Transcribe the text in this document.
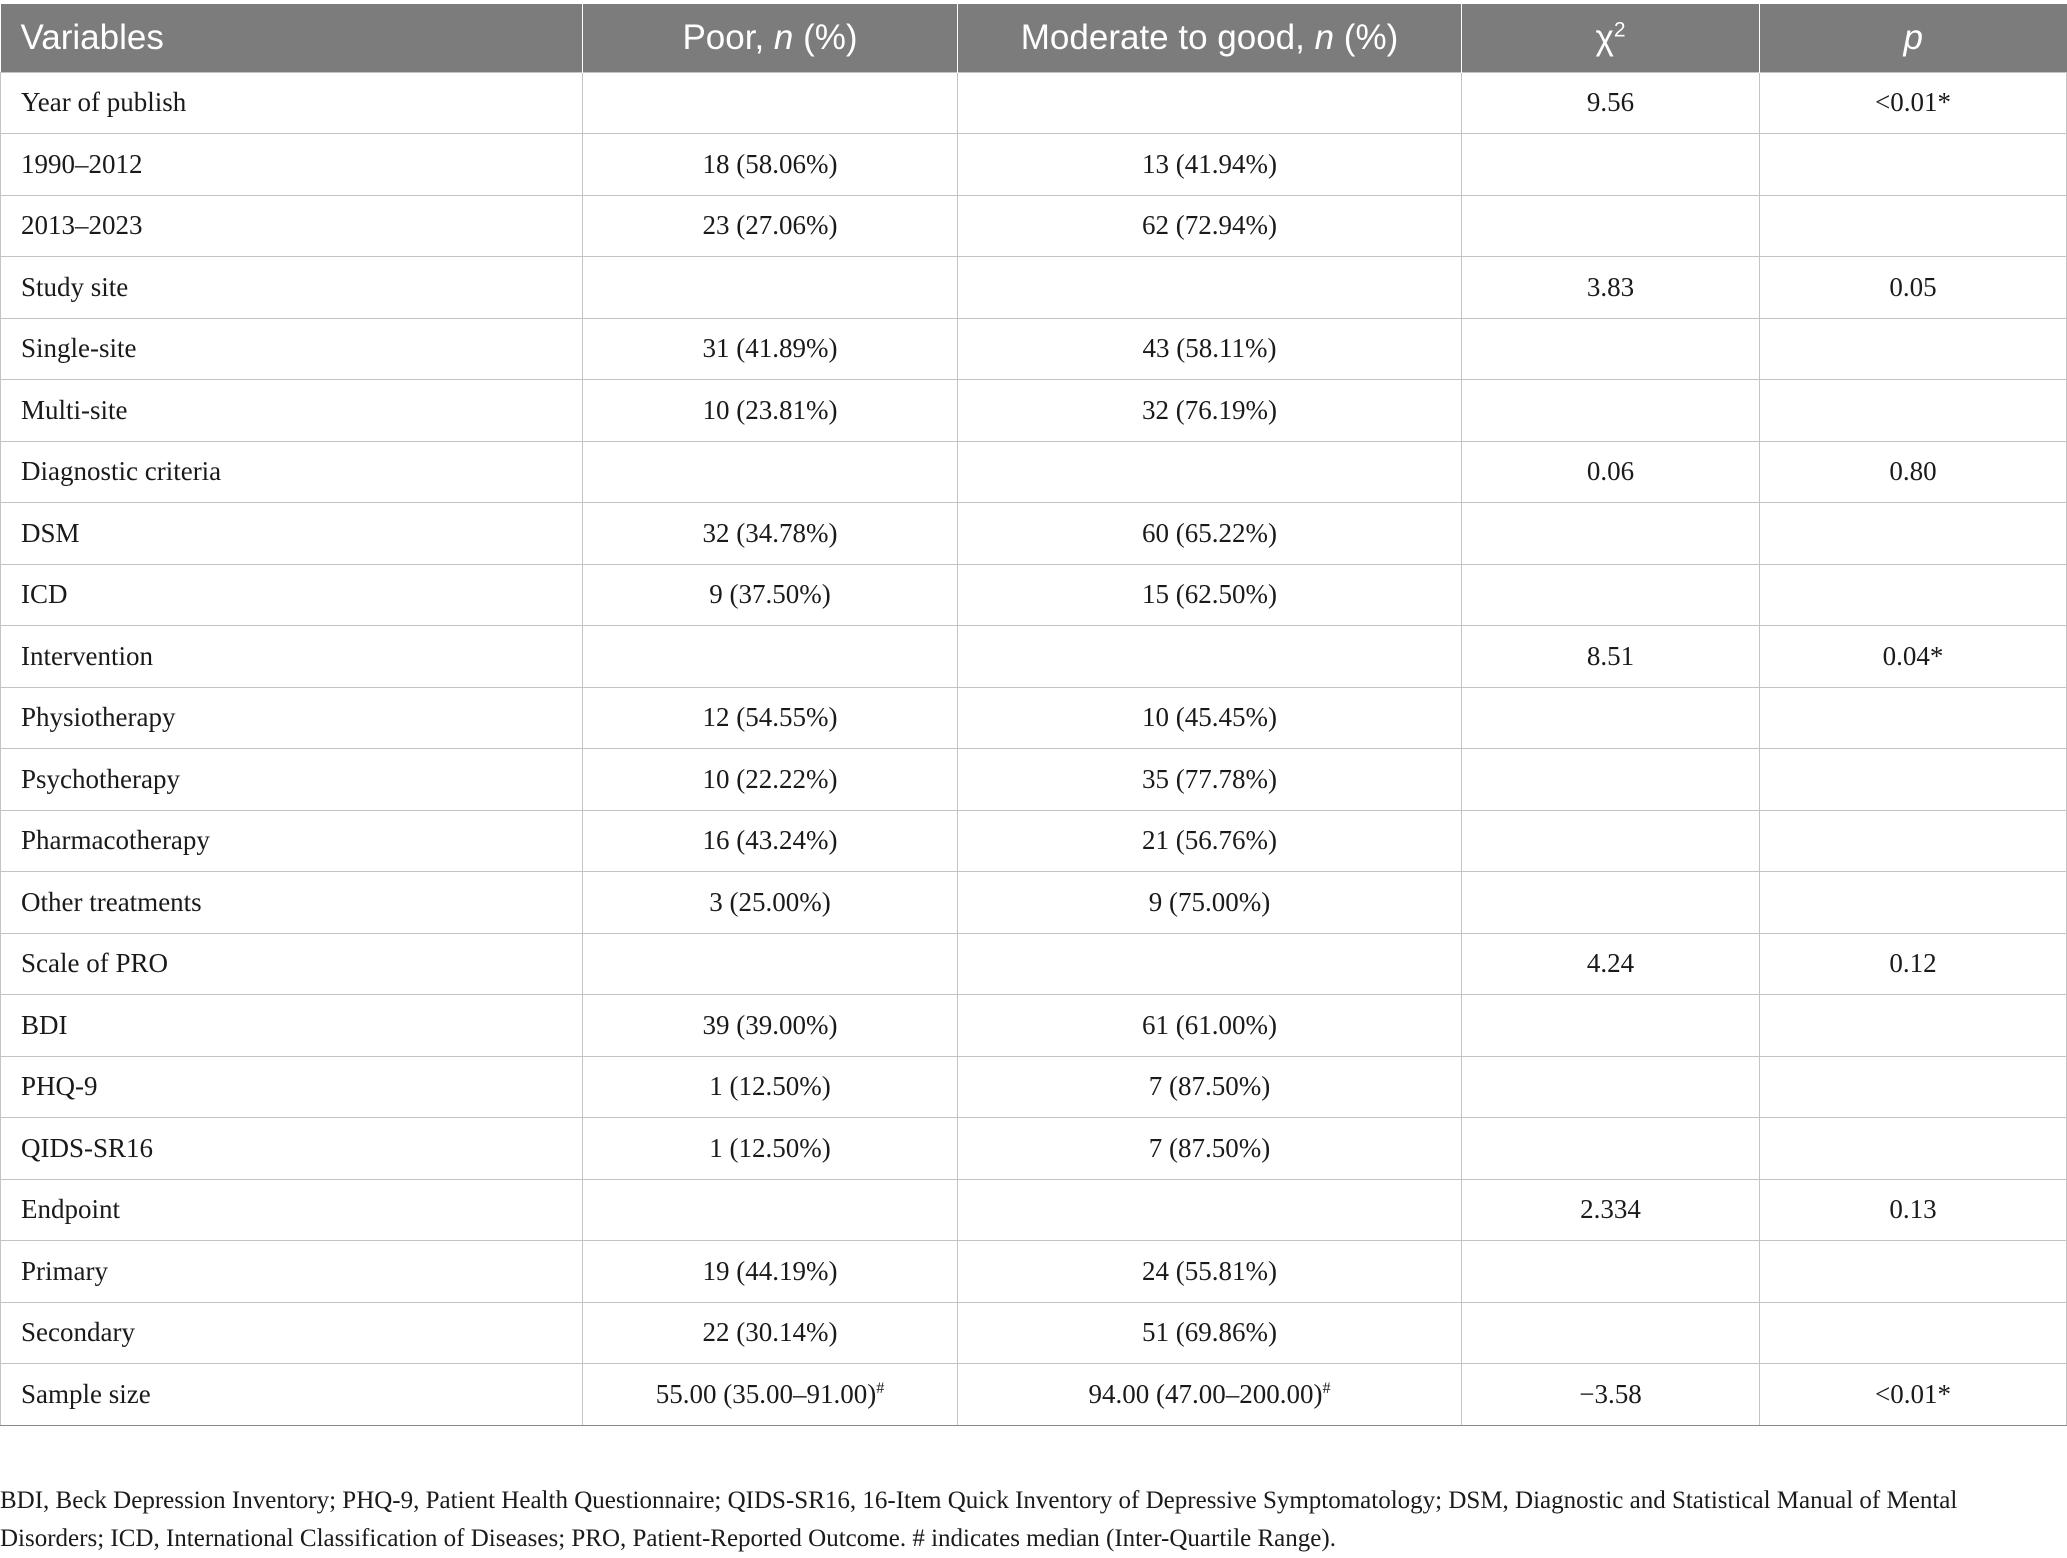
Variables	Poor, n (%)	Moderate to good, n (%)	$\chi^2$	p
Year of publish			9.56	<0.01*
1990–2012	18 (58.06%)	13 (41.94%)		
2013–2023	23 (27.06%)	62 (72.94%)		
Study site			3.83	0.05
Single-site	31 (41.89%)	43 (58.11%)		
Multi-site	10 (23.81%)	32 (76.19%)		
Diagnostic criteria			0.06	0.80
DSM	32 (34.78%)	60 (65.22%)		
ICD	9 (37.50%)	15 (62.50%)		
Intervention			8.51	0.04*
Physiotherapy	12 (54.55%)	10 (45.45%)		
Psychotherapy	10 (22.22%)	35 (77.78%)		
Pharmacotherapy	16 (43.24%)	21 (56.76%)		
Other treatments	3 (25.00%)	9 (75.00%)		
Scale of PRO			4.24	0.12
BDI	39 (39.00%)	61 (61.00%)		
PHQ-9	1 (12.50%)	7 (87.50%)		
QIDS-SR16	1 (12.50%)	7 (87.50%)		
Endpoint			2.334	0.13
Primary	19 (44.19%)	24 (55.81%)		
Secondary	22 (30.14%)	51 (69.86%)		
Sample size	55.00 (35.00–91.00)#	94.00 (47.00–200.00)#	−3.58	<0.01*

BDI, Beck Depression Inventory; PHQ-9, Patient Health Questionnaire; QIDS-SR16, 16-Item Quick Inventory of Depressive Symptomatology; DSM, Diagnostic and Statistical Manual of Mental Disorders; ICD, International Classification of Diseases; PRO, Patient-Reported Outcome. # indicates median (Inter-Quartile Range).
